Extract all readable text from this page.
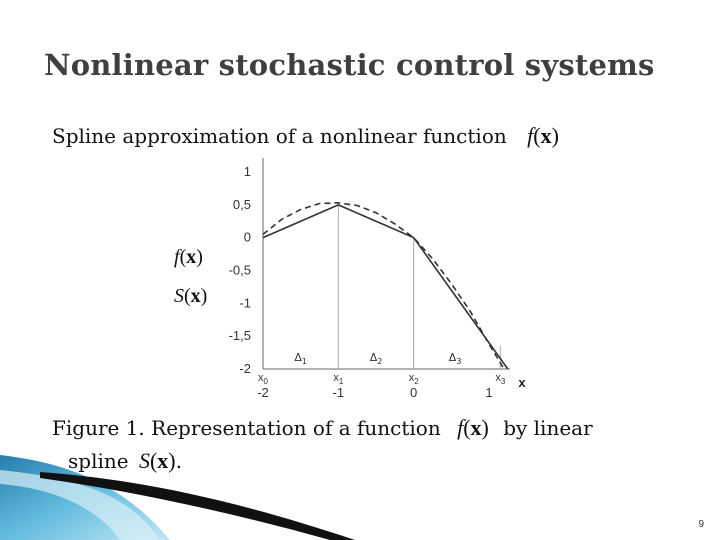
Nonlinear stochastic control systems
Spline approximation of a nonlinear function f(x)
1
0,5
0
-0,5
-1
-1,5
-2
-2	-1	0	1
x
$x_0$	$x_1$	$x_2$	$x_3$
$\Delta_1$	$\Delta_2$	$\Delta_3$
f(x)
S(x)
Figure 1. Representation of a function f(x) by linear
spline S(x).
9
